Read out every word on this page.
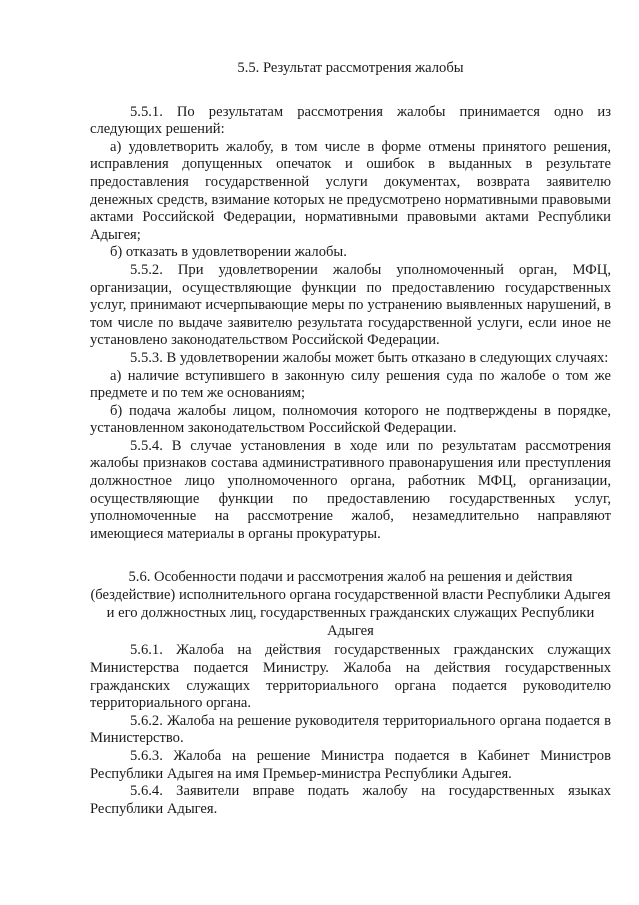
5.5. Результат рассмотрения жалобы

5.5.1. По результатам рассмотрения жалобы принимается одно из следующих решений:

а) удовлетворить жалобу, в том числе в форме отмены принятого решения, исправления допущенных опечаток и ошибок в выданных в результате предоставления государственной услуги документах, возврата заявителю денежных средств, взимание которых не предусмотрено нормативными правовыми актами Российской Федерации, нормативными правовыми актами Республики Адыгея;

б) отказать в удовлетворении жалобы.

5.5.2. При удовлетворении жалобы уполномоченный орган, МФЦ, организации, осуществляющие функции по предоставлению государственных услуг, принимают исчерпывающие меры по устранению выявленных нарушений, в том числе по выдаче заявителю результата государственной услуги, если иное не установлено законодательством Российской Федерации.

5.5.3. В удовлетворении жалобы может быть отказано в следующих случаях:

а) наличие вступившего в законную силу решения суда по жалобе о том же предмете и по тем же основаниям;

б) подача жалобы лицом, полномочия которого не подтверждены в порядке, установленном законодательством Российской Федерации.

5.5.4. В случае установления в ходе или по результатам рассмотрения жалобы признаков состава административного правонарушения или преступления должностное лицо уполномоченного органа, работник МФЦ, организации, осуществляющие функции по предоставлению государственных услуг, уполномоченные на рассмотрение жалоб, незамедлительно направляют имеющиеся материалы в органы прокуратуры.

5.6. Особенности подачи и рассмотрения жалоб на решения и действия (бездействие) исполнительного органа государственной власти Республики Адыгея и его должностных лиц, государственных гражданских служащих Республики Адыгея

5.6.1. Жалоба на действия государственных гражданских служащих Министерства подается Министру. Жалоба на действия государственных гражданских служащих территориального органа подается руководителю территориального органа.

5.6.2. Жалоба на решение руководителя территориального органа подается в Министерство.

5.6.3. Жалоба на решение Министра подается в Кабинет Министров Республики Адыгея на имя Премьер-министра Республики Адыгея.

5.6.4. Заявители вправе подать жалобу на государственных языках Республики Адыгея.
